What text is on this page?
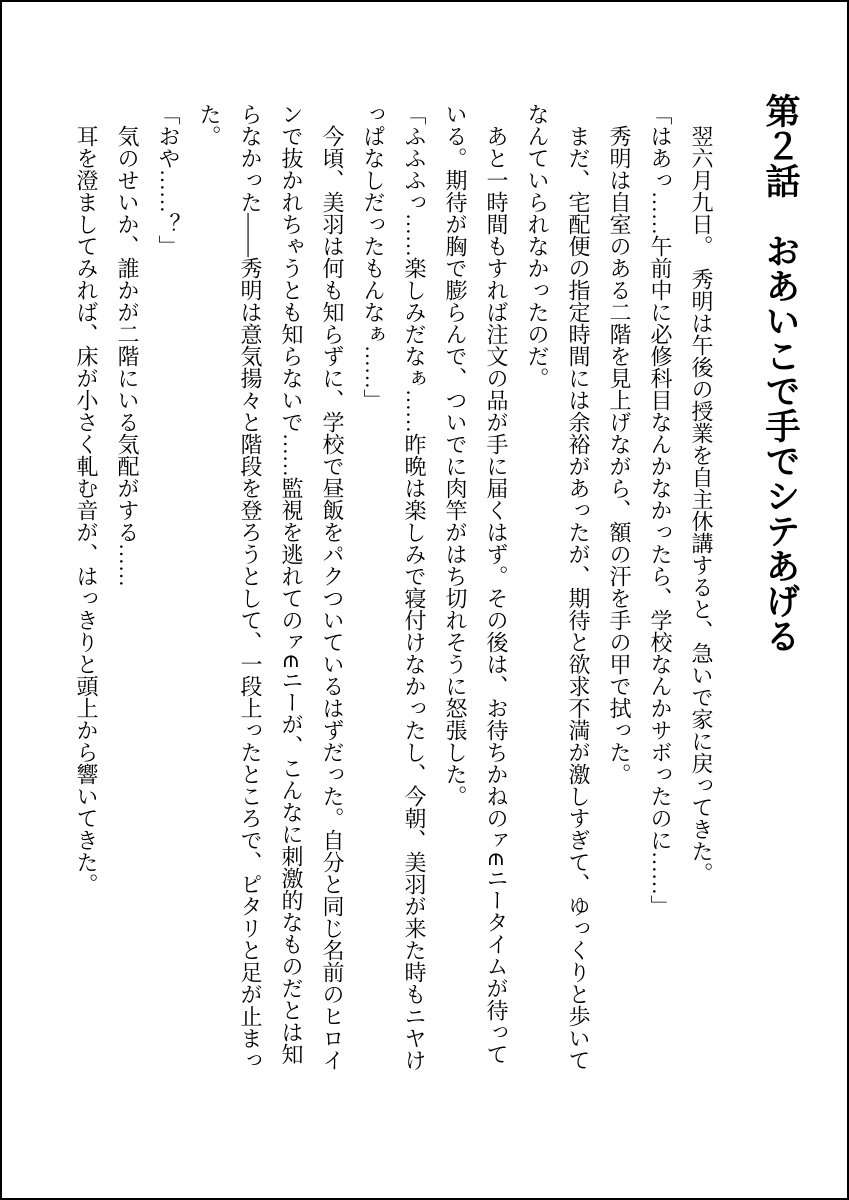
第２話　おあいこで手でシテあげる

翌六月九日。　秀明は午後の授業を自主休講すると、急いで家に戻ってきた。

「はあっ……午前中に必修科目なんかなかったら、学校なんかサボったのに……」

秀明は自室のある二階を見上げながら、額の汗を手の甲で拭った。

まだ、宅配便の指定時間には余裕があったが、期待と欲求不満が激しすぎて、ゆっくりと歩いてなんていられなかったのだ。

あと一時間もすれば注文の品が手に届くはず。その後は、お待ちかねのァ∈ニータイムが待っている。期待が胸で膨らんで、ついでに肉竿がはち切れそうに怒張した。

「ふふふっ……楽しみだなぁ……昨晩は楽しみで寝付けなかったし、今朝、美羽が来た時もニヤけっぱなしだったもんなぁ……」

今頃、美羽は何も知らずに、学校で昼飯をパクついているはずだった。自分と同じ名前のヒロインで抜かれちゃうとも知らないで……監視を逃れてのァ∈ニーが、こんなに刺激的なものだとは知らなかった――秀明は意気揚々と階段を登ろうとして、一段上ったところで、ピタリと足が止まった。

「おや……？」

気のせいか、誰かが二階にいる気配がする……

耳を澄ましてみれば、床が小さく軋む音が、はっきりと頭上から響いてきた。
